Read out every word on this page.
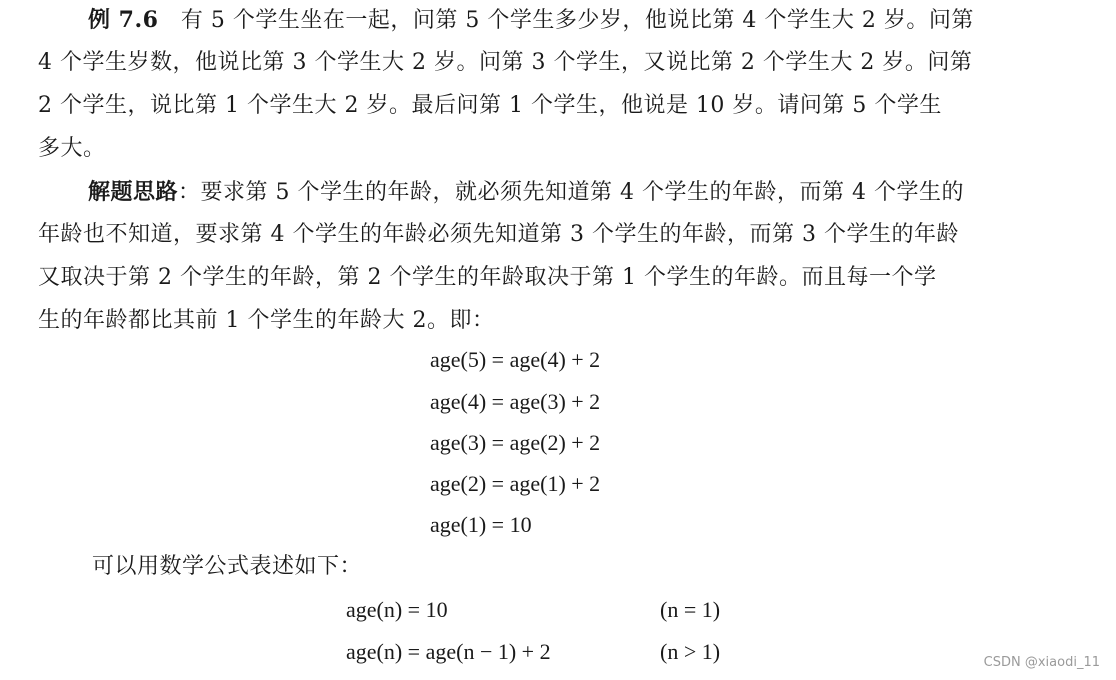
例 7.6 有 5 个学生坐在一起，问第 5 个学生多少岁，他说比第 4 个学生大 2 岁。问第
4 个学生岁数，他说比第 3 个学生大 2 岁。问第 3 个学生，又说比第 2 个学生大 2 岁。问第
2 个学生，说比第 1 个学生大 2 岁。最后问第 1 个学生，他说是 10 岁。请问第 5 个学生
多大。
解题思路：要求第 5 个学生的年龄，就必须先知道第 4 个学生的年龄，而第 4 个学生的
年龄也不知道，要求第 4 个学生的年龄必须先知道第 3 个学生的年龄，而第 3 个学生的年龄
又取决于第 2 个学生的年龄，第 2 个学生的年龄取决于第 1 个学生的年龄。而且每一个学
生的年龄都比其前 1 个学生的年龄大 2。即：
age(5) = age(4) + 2
age(4) = age(3) + 2
age(3) = age(2) + 2
age(2) = age(1) + 2
age(1) = 10
可以用数学公式表述如下：
age(n) = 10	(n = 1)
age(n) = age(n − 1) + 2	(n > 1)	CSDN @xiaodi_11
